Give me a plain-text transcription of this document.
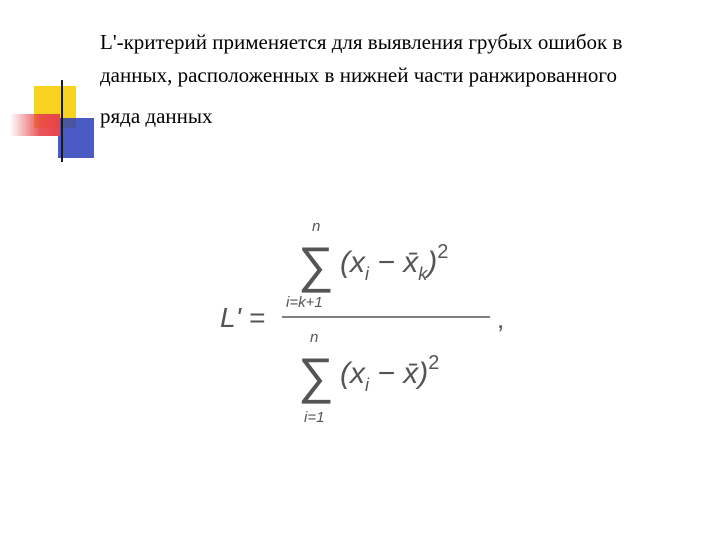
L'-критерий применяется для выявления грубых ошибок в
данных, расположенных в нижней части ранжированного
ряда данных

n
∑
i=k+1
($x_i$ − $x̄_k)^2$
L' =	,
n
∑
i=1
($x_i$ − x̄)$^2$
